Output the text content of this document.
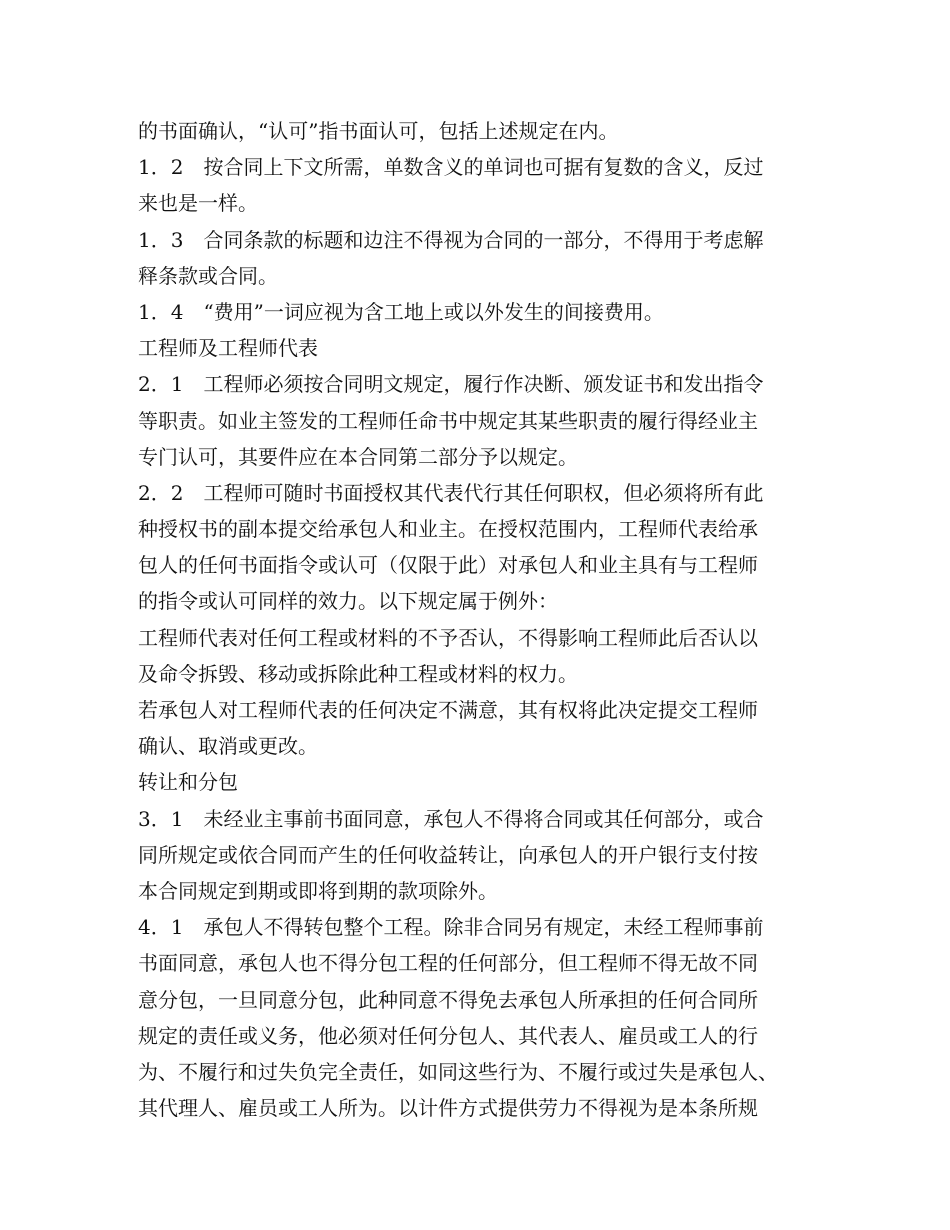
的书面确认，“认可”指书面认可，包括上述规定在内。
1．2　按合同上下文所需，单数含义的单词也可据有复数的含义，反过
来也是一样。
1．3　合同条款的标题和边注不得视为合同的一部分，不得用于考虑解
释条款或合同。
1．4　“费用”一词应视为含工地上或以外发生的间接费用。
工程师及工程师代表
2．1　工程师必须按合同明文规定，履行作决断、颁发证书和发出指令
等职责。如业主签发的工程师任命书中规定其某些职责的履行得经业主
专门认可，其要件应在本合同第二部分予以规定。
2．2　工程师可随时书面授权其代表代行其任何职权，但必须将所有此
种授权书的副本提交给承包人和业主。在授权范围内，工程师代表给承
包人的任何书面指令或认可（仅限于此）对承包人和业主具有与工程师
的指令或认可同样的效力。以下规定属于例外：
工程师代表对任何工程或材料的不予否认，不得影响工程师此后否认以
及命令拆毁、移动或拆除此种工程或材料的权力。
若承包人对工程师代表的任何决定不满意，其有权将此决定提交工程师
确认、取消或更改。
转让和分包
3．1　未经业主事前书面同意，承包人不得将合同或其任何部分，或合
同所规定或依合同而产生的任何收益转让，向承包人的开户银行支付按
本合同规定到期或即将到期的款项除外。
4．1　承包人不得转包整个工程。除非合同另有规定，未经工程师事前
书面同意，承包人也不得分包工程的任何部分，但工程师不得无故不同
意分包，一旦同意分包，此种同意不得免去承包人所承担的任何合同所
规定的责任或义务，他必须对任何分包人、其代表人、雇员或工人的行
为、不履行和过失负完全责任，如同这些行为、不履行或过失是承包人、
其代理人、雇员或工人所为。以计件方式提供劳力不得视为是本条所规
